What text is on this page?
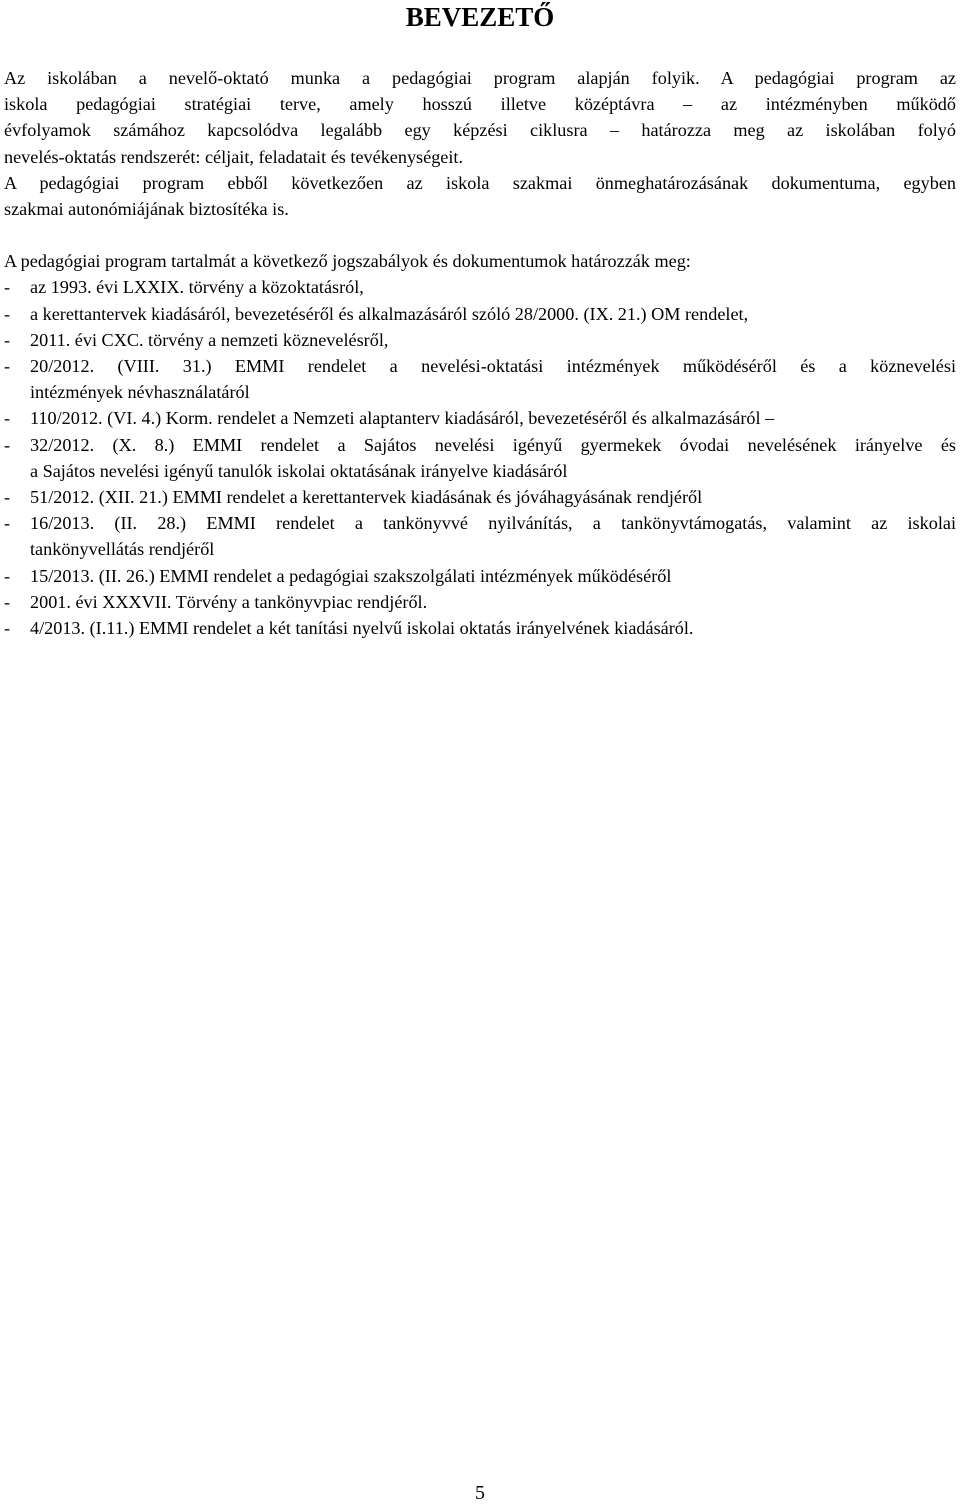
BEVEZETŐ

Az iskolában a nevelő-oktató munka a pedagógiai program alapján folyik. A pedagógiai program az
iskola pedagógiai stratégiai terve, amely hosszú illetve középtávra – az intézményben működő
évfolyamok számához kapcsolódva legalább egy képzési ciklusra – határozza meg az iskolában folyó
nevelés-oktatás rendszerét: céljait, feladatait és tevékenységeit.

A pedagógiai program ebből következően az iskola szakmai önmeghatározásának dokumentuma, egyben
szakmai autonómiájának biztosítéka is.

A pedagógiai program tartalmát a következő jogszabályok és dokumentumok határozzák meg:

- az 1993. évi LXXIX. törvény a közoktatásról,
- a kerettantervek kiadásáról, bevezetéséről és alkalmazásáról szóló 28/2000. (IX. 21.) OM rendelet,
- 2011. évi CXC. törvény a nemzeti köznevelésről,
- 20/2012. (VIII. 31.) EMMI rendelet a nevelési-oktatási intézmények működéséről és a köznevelési
intézmények névhasználatáról
- 110/2012. (VI. 4.) Korm. rendelet a Nemzeti alaptanterv kiadásáról, bevezetéséről és alkalmazásáról –
- 32/2012. (X. 8.) EMMI rendelet a Sajátos nevelési igényű gyermekek óvodai nevelésének irányelve és
a Sajátos nevelési igényű tanulók iskolai oktatásának irányelve kiadásáról
- 51/2012. (XII. 21.) EMMI rendelet a kerettantervek kiadásának és jóváhagyásának rendjéről
- 16/2013. (II. 28.) EMMI rendelet a tankönyvvé nyilvánítás, a tankönyvtámogatás, valamint az iskolai
tankönyvellátás rendjéről
- 15/2013. (II. 26.) EMMI rendelet a pedagógiai szakszolgálati intézmények működéséről
- 2001. évi XXXVII. Törvény a tankönyvpiac rendjéről.
- 4/2013. (I.11.) EMMI rendelet a két tanítási nyelvű iskolai oktatás irányelvének kiadásáról.
5
